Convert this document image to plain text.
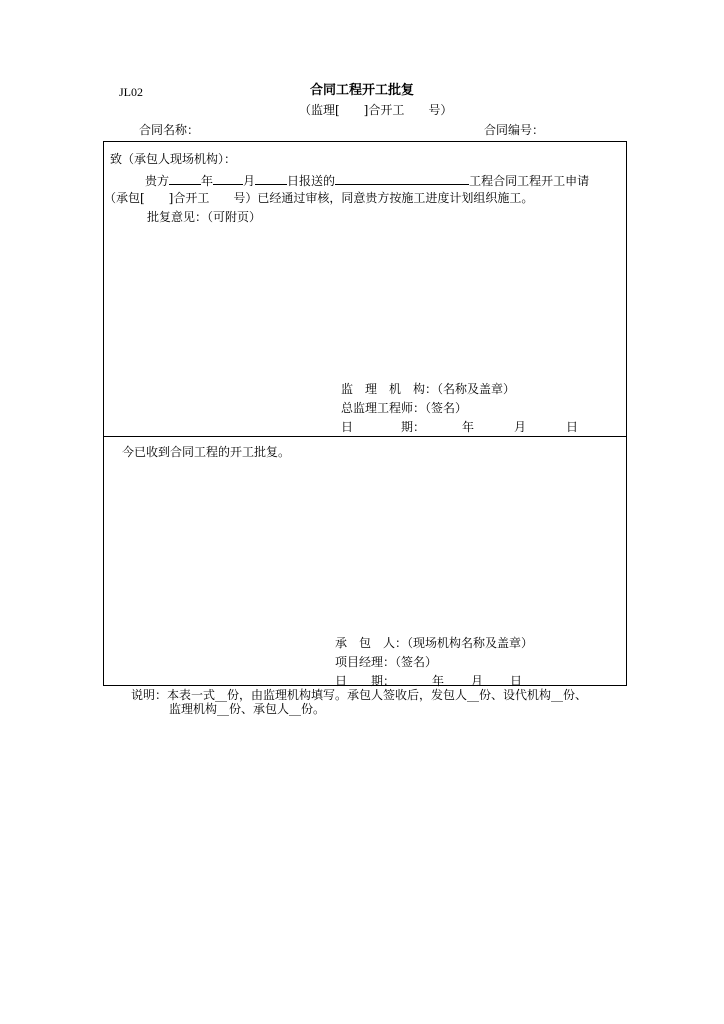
JL02	合同工程开工批复
（监理[　　]合开工　　号）
合同名称：	合同编号：
致（承包人现场机构）：
贵方	年	月	日报送的	工程合同工程开工申请
（承包[　　]合开工　　号）已经通过审核，同意贵方按施工进度计划组织施工。
批复意见：（可附页）
监　理　机　构：（名称及盖章）
总监理工程师：（签名）
日　　　　期：	年	月	日
今已收到合同工程的开工批复。
承　包　人：（现场机构名称及盖章）
项目经理：（签名）
日　　期：	年 月 日
说明：本表一式__份，由监理机构填写。承包人签收后，发包人__份、设代机构__份、
监理机构__份、承包人__份。
